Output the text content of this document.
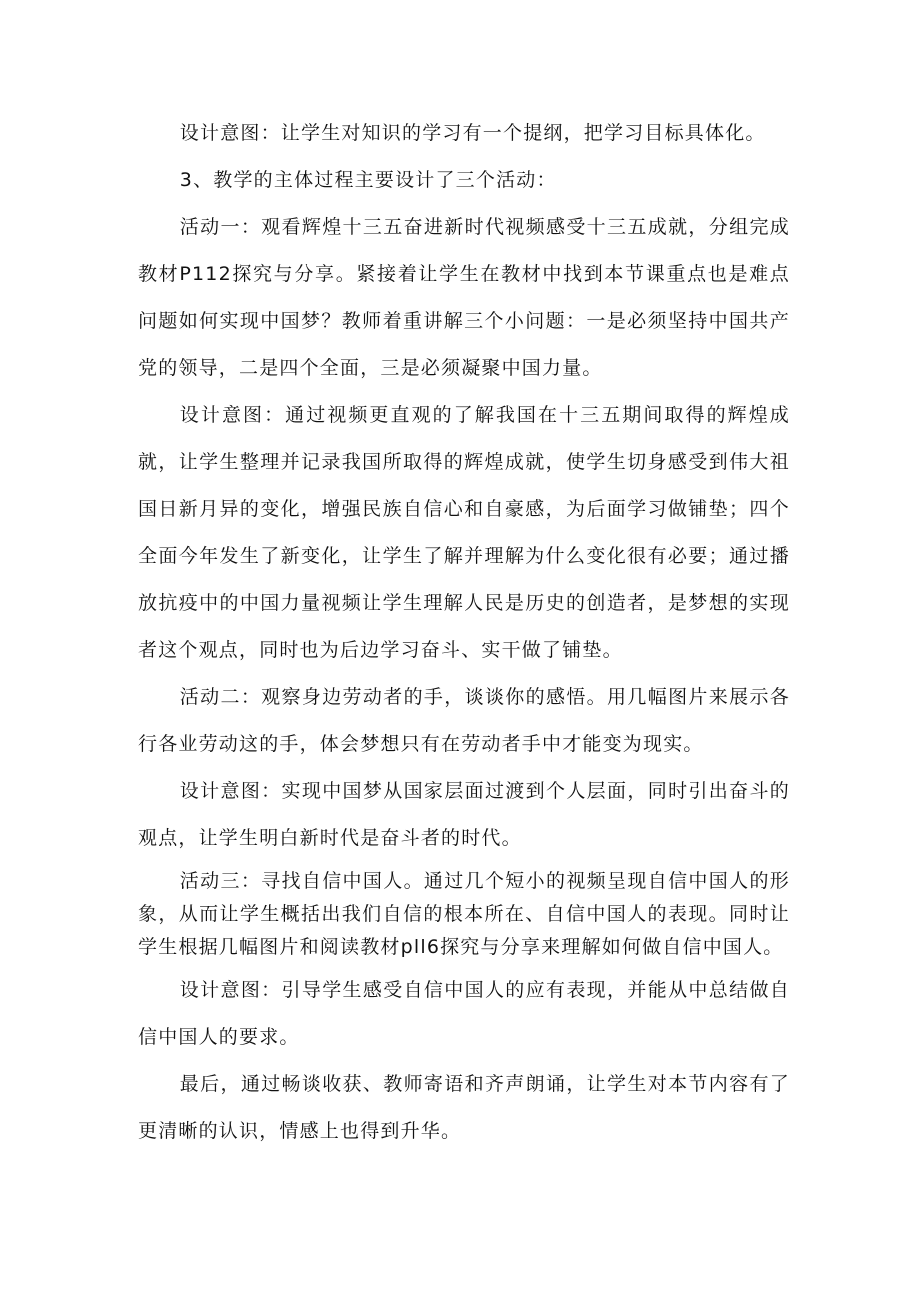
设计意图：让学生对知识的学习有一个提纲，把学习目标具体化。

3、教学的主体过程主要设计了三个活动：

活动一：观看辉煌十三五奋进新时代视频感受十三五成就，分组完成教材P112探究与分享。紧接着让学生在教材中找到本节课重点也是难点问题如何实现中国梦？教师着重讲解三个小问题：一是必须坚持中国共产党的领导，二是四个全面，三是必须凝聚中国力量。

设计意图：通过视频更直观的了解我国在十三五期间取得的辉煌成就，让学生整理并记录我国所取得的辉煌成就，使学生切身感受到伟大祖国日新月异的变化，增强民族自信心和自豪感，为后面学习做铺垫；四个全面今年发生了新变化，让学生了解并理解为什么变化很有必要；通过播放抗疫中的中国力量视频让学生理解人民是历史的创造者，是梦想的实现者这个观点，同时也为后边学习奋斗、实干做了铺垫。

活动二：观察身边劳动者的手，谈谈你的感悟。用几幅图片来展示各行各业劳动这的手，体会梦想只有在劳动者手中才能变为现实。

设计意图：实现中国梦从国家层面过渡到个人层面，同时引出奋斗的观点，让学生明白新时代是奋斗者的时代。

活动三：寻找自信中国人。通过几个短小的视频呈现自信中国人的形象，从而让学生概括出我们自信的根本所在、自信中国人的表现。同时让学生根据几幅图片和阅读教材pll6探究与分享来理解如何做自信中国人。

设计意图：引导学生感受自信中国人的应有表现，并能从中总结做自信中国人的要求。

最后，通过畅谈收获、教师寄语和齐声朗诵，让学生对本节内容有了更清晰的认识，情感上也得到升华。
